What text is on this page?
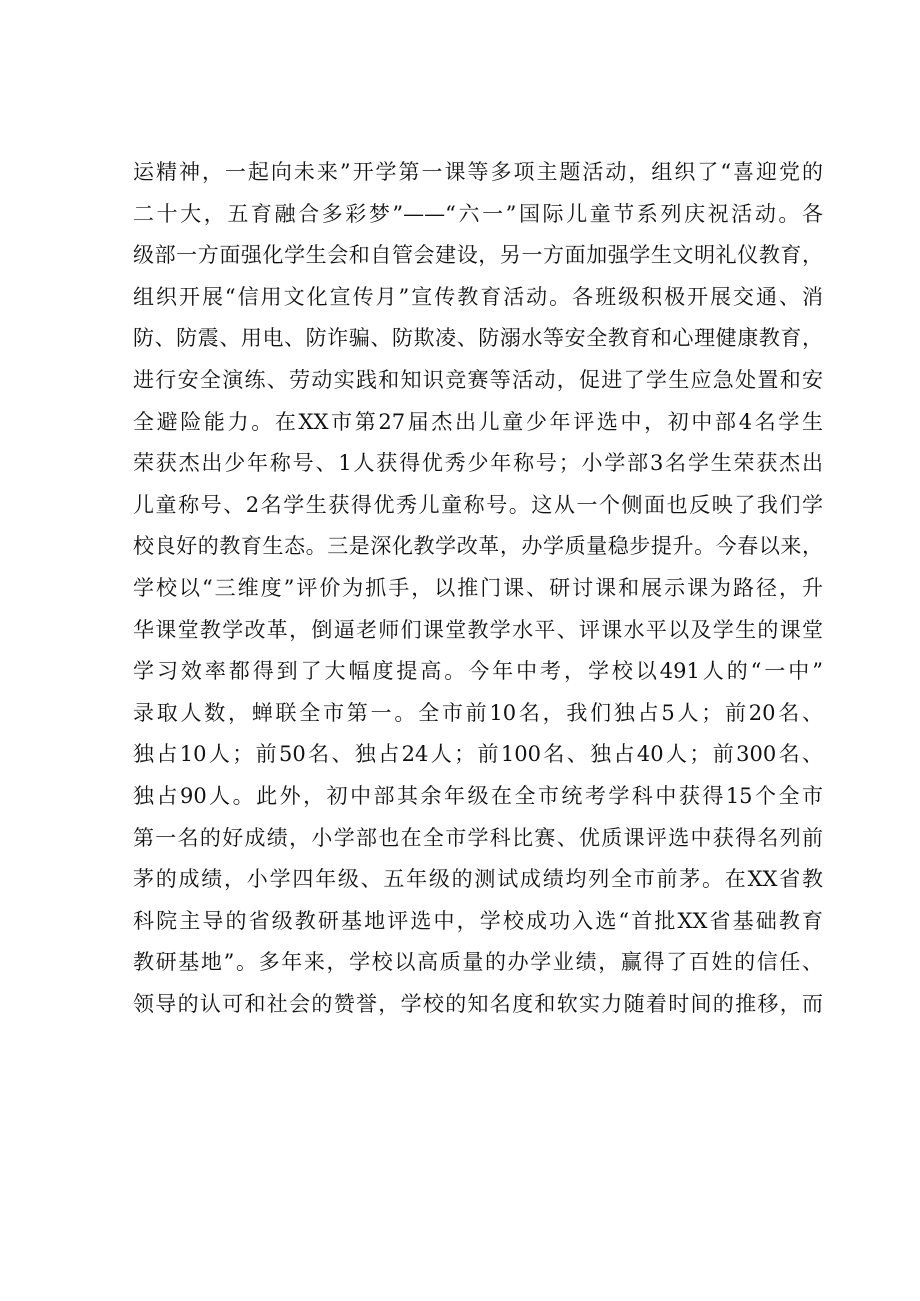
运精神，一起向未来”开学第一课等多项主题活动，组织了“喜迎党的
二十大，五育融合多彩梦”——“六一”国际儿童节系列庆祝活动。各
级部一方面强化学生会和自管会建设，另一方面加强学生文明礼仪教育，
组织开展“信用文化宣传月”宣传教育活动。各班级积极开展交通、消
防、防震、用电、防诈骗、防欺凌、防溺水等安全教育和心理健康教育，
进行安全演练、劳动实践和知识竞赛等活动，促进了学生应急处置和安
全避险能力。在XX市第27届杰出儿童少年评选中，初中部4名学生
荣获杰出少年称号、1人获得优秀少年称号；小学部3名学生荣获杰出
儿童称号、2名学生获得优秀儿童称号。这从一个侧面也反映了我们学
校良好的教育生态。三是深化教学改革，办学质量稳步提升。今春以来，
学校以“三维度”评价为抓手，以推门课、研讨课和展示课为路径，升
华课堂教学改革，倒逼老师们课堂教学水平、评课水平以及学生的课堂
学习效率都得到了大幅度提高。今年中考，学校以491人的“一中”
录取人数，蝉联全市第一。全市前10名，我们独占5人；前20名、
独占10人；前50名、独占24人；前100名、独占40人；前300名、
独占90人。此外，初中部其余年级在全市统考学科中获得15个全市
第一名的好成绩，小学部也在全市学科比赛、优质课评选中获得名列前
茅的成绩，小学四年级、五年级的测试成绩均列全市前茅。在XX省教
科院主导的省级教研基地评选中，学校成功入选“首批XX省基础教育
教研基地”。多年来，学校以高质量的办学业绩，赢得了百姓的信任、
领导的认可和社会的赞誉，学校的知名度和软实力随着时间的推移，而
